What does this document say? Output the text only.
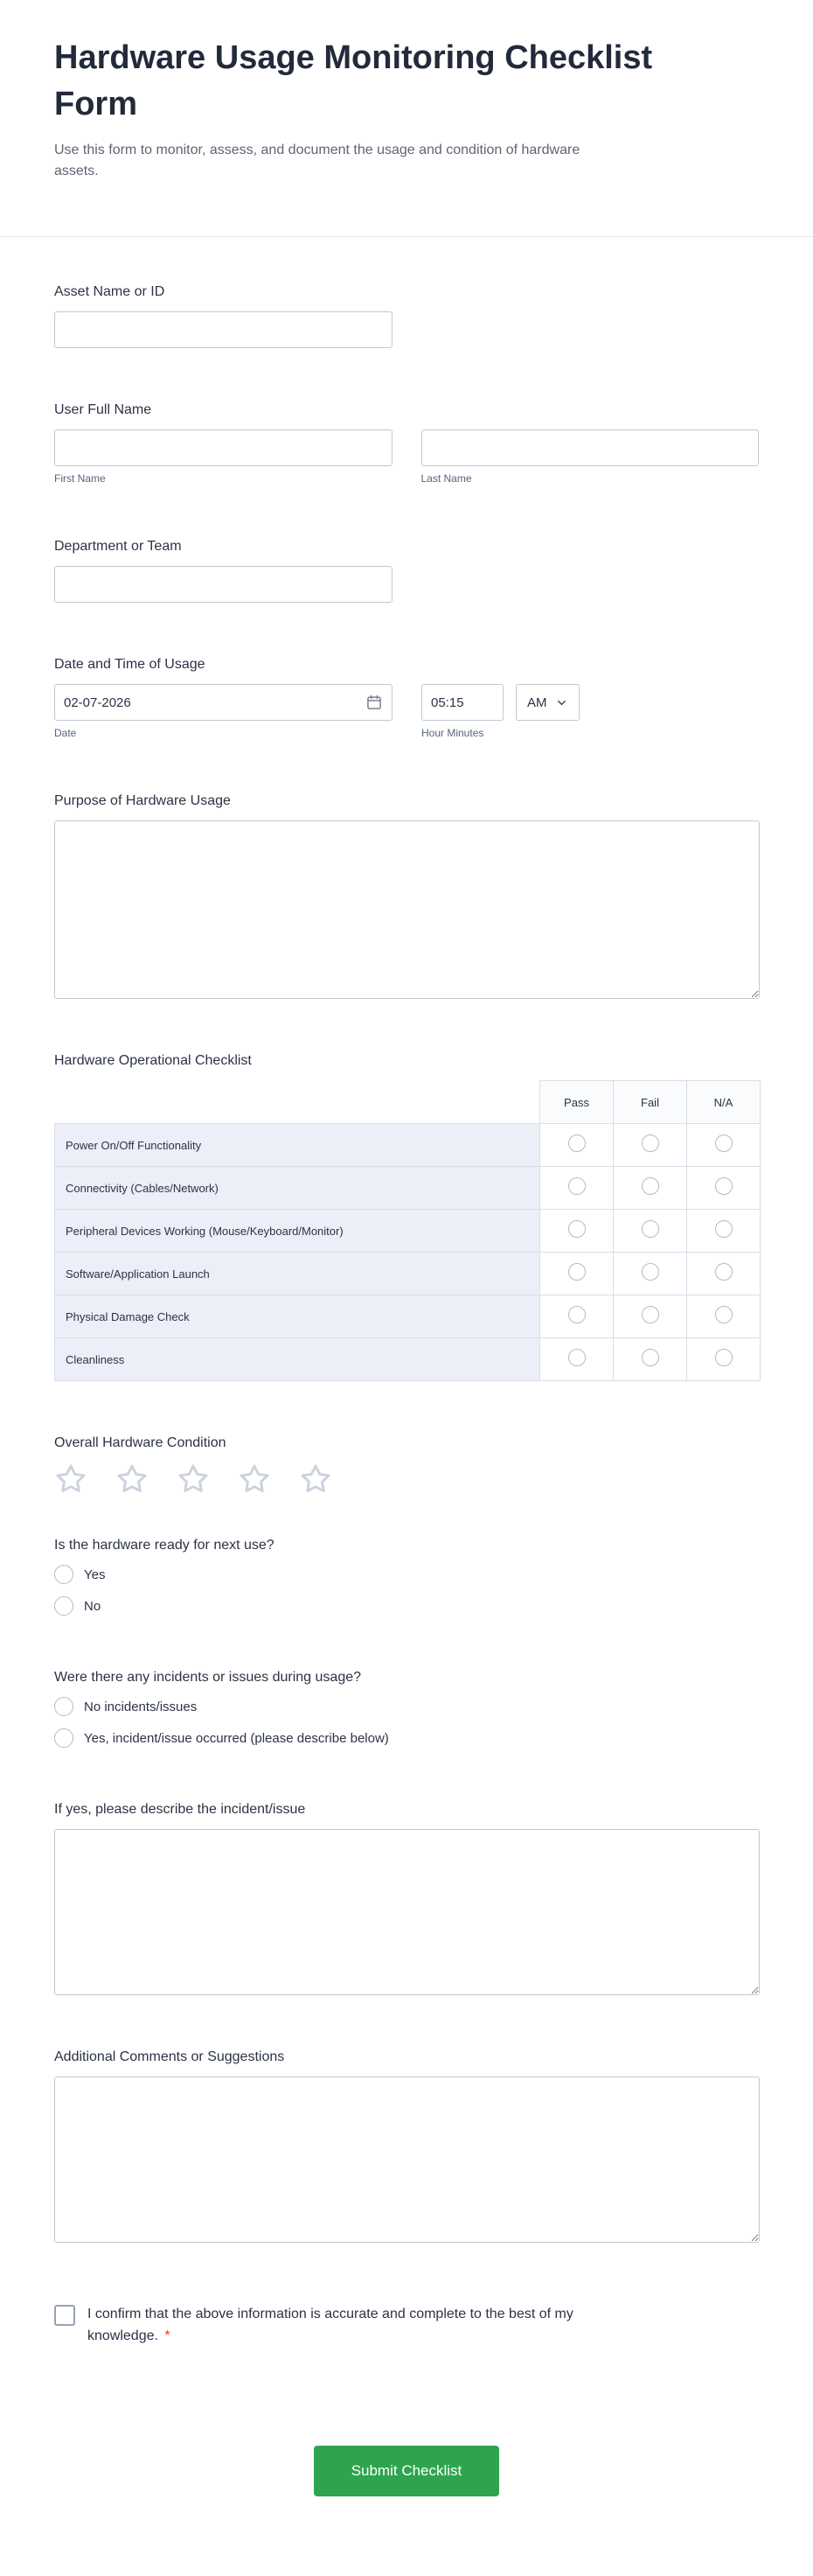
Hardware Usage Monitoring Checklist Form

Use this form to monitor, assess, and document the usage and condition of hardware assets.

Asset Name or ID
User Full Name
First Name	Last Name
Department or Team
Date and Time of Usage
02-07-2026
Date
05:15	Hour Minutes
AM
Purpose of Hardware Usage
Hardware Operational Checklist
	Pass	Fail	N/A
Power On/Off Functionality			
Connectivity (Cables/Network)			
Peripheral Devices Working (Mouse/Keyboard/Monitor)			
Software/Application Launch			
Physical Damage Check			
Cleanliness			
Overall Hardware Condition
Is the hardware ready for next use?
Yes
No
Were there any incidents or issues during usage?
No incidents/issues
Yes, incident/issue occurred (please describe below)
If yes, please describe the incident/issue
Additional Comments or Suggestions
I confirm that the above information is accurate and complete to the best of my knowledge. *
Submit Checklist
